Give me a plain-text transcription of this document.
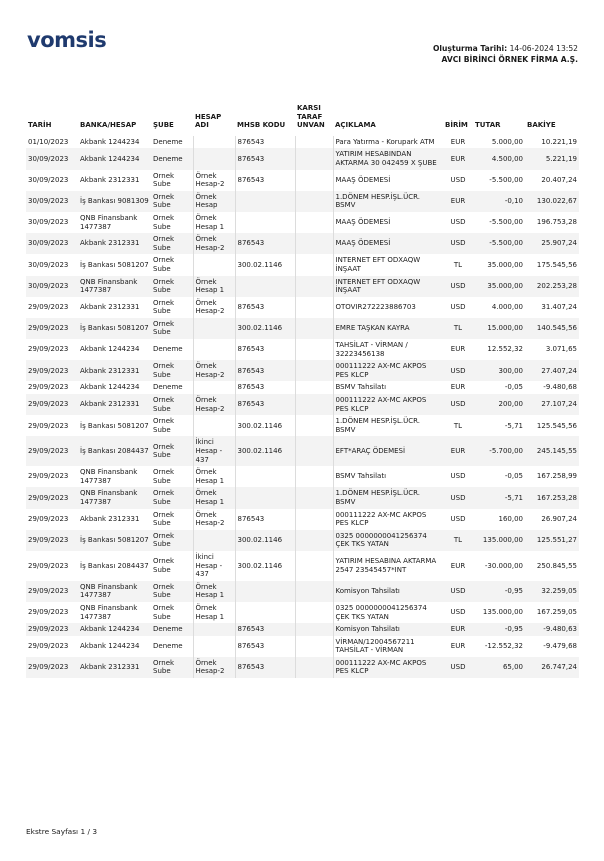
vomsis	Oluşturma Tarihi: 14-06-2024 13:52
AVCI BİRİNCİ ÖRNEK FİRMA A.Ş.
TARİH	BANKA/HESAP	ŞUBE	HESAP ADI	MHSB KODU	KARSI TARAF UNVAN	AÇIKLAMA	BİRİM	TUTAR	BAKİYE
01/10/2023	Akbank 1244234	Deneme		876543		Para Yatırma - Korupark ATM	EUR	5.000,00	10.221,19
30/09/2023	Akbank 1244234	Deneme		876543		YATIRIM HESABINDAN AKTARMA 30 042459 X ŞUBE	EUR	4.500,00	5.221,19
30/09/2023	Akbank 2312331	Ornek Sube	Örnek Hesap-2	876543		MAAŞ ÖDEMESİ	USD	-5.500,00	20.407,24
30/09/2023	İş Bankası 9081309	Ornek Sube	Örnek Hesap			1.DÖNEM HESP.İŞL.ÜCR. BSMV	EUR	-0,10	130.022,67
30/09/2023	QNB Finansbank 1477387	Ornek Sube	Örnek Hesap 1			MAAŞ ÖDEMESİ	USD	-5.500,00	196.753,28
30/09/2023	Akbank 2312331	Ornek Sube	Örnek Hesap-2	876543		MAAŞ ÖDEMESİ	USD	-5.500,00	25.907,24
30/09/2023	İş Bankası 5081207	Ornek Sube		300.02.1146		INTERNET EFT ODXAQW İNŞAAT	TL	35.000,00	175.545,56
30/09/2023	QNB Finansbank 1477387	Ornek Sube	Örnek Hesap 1			INTERNET EFT ODXAQW İNŞAAT	USD	35.000,00	202.253,28
29/09/2023	Akbank 2312331	Ornek Sube	Örnek Hesap-2	876543		OTOVIR272223886703	USD	4.000,00	31.407,24
29/09/2023	İş Bankası 5081207	Ornek Sube		300.02.1146		EMRE TAŞKAN KAYRA	TL	15.000,00	140.545,56
29/09/2023	Akbank 1244234	Deneme		876543		TAHSİLAT - VİRMAN / 32223456138	EUR	12.552,32	3.071,65
29/09/2023	Akbank 2312331	Ornek Sube	Örnek Hesap-2	876543		000111222 AX-MC AKPOS PES KLCP	USD	300,00	27.407,24
29/09/2023	Akbank 1244234	Deneme		876543		BSMV Tahsilatı	EUR	-0,05	-9.480,68
29/09/2023	Akbank 2312331	Ornek Sube	Örnek Hesap-2	876543		000111222 AX-MC AKPOS PES KLCP	USD	200,00	27.107,24
29/09/2023	İş Bankası 5081207	Ornek Sube		300.02.1146		1.DÖNEM HESP.İŞL.ÜCR. BSMV	TL	-5,71	125.545,56
29/09/2023	İş Bankası 2084437	Ornek Sube	İkinci Hesap - 437	300.02.1146		EFT*ARAÇ ÖDEMESİ	EUR	-5.700,00	245.145,55
29/09/2023	QNB Finansbank 1477387	Ornek Sube	Örnek Hesap 1			BSMV Tahsilatı	USD	-0,05	167.258,99
29/09/2023	QNB Finansbank 1477387	Ornek Sube	Örnek Hesap 1			1.DÖNEM HESP.İŞL.ÜCR. BSMV	USD	-5,71	167.253,28
29/09/2023	Akbank 2312331	Ornek Sube	Örnek Hesap-2	876543		000111222 AX-MC AKPOS PES KLCP	USD	160,00	26.907,24
29/09/2023	İş Bankası 5081207	Ornek Sube		300.02.1146		0325 0000000041256374 ÇEK TKS YATAN	TL	135.000,00	125.551,27
29/09/2023	İş Bankası 2084437	Ornek Sube	İkinci Hesap - 437	300.02.1146		YATIRIM HESABINA AKTARMA 2547 23545457*INT	EUR	-30.000,00	250.845,55
29/09/2023	QNB Finansbank 1477387	Ornek Sube	Örnek Hesap 1			Komisyon Tahsilatı	USD	-0,95	32.259,05
29/09/2023	QNB Finansbank 1477387	Ornek Sube	Örnek Hesap 1			0325 0000000041256374 ÇEK TKS YATAN	USD	135.000,00	167.259,05
29/09/2023	Akbank 1244234	Deneme		876543		Komisyon Tahsilatı	EUR	-0,95	-9.480,63
29/09/2023	Akbank 1244234	Deneme		876543		VİRMAN/12004567211 TAHSİLAT - VİRMAN	EUR	-12.552,32	-9.479,68
29/09/2023	Akbank 2312331	Ornek Sube	Örnek Hesap-2	876543		000111222 AX-MC AKPOS PES KLCP	USD	65,00	26.747,24
Ekstre Sayfası 1 / 3
